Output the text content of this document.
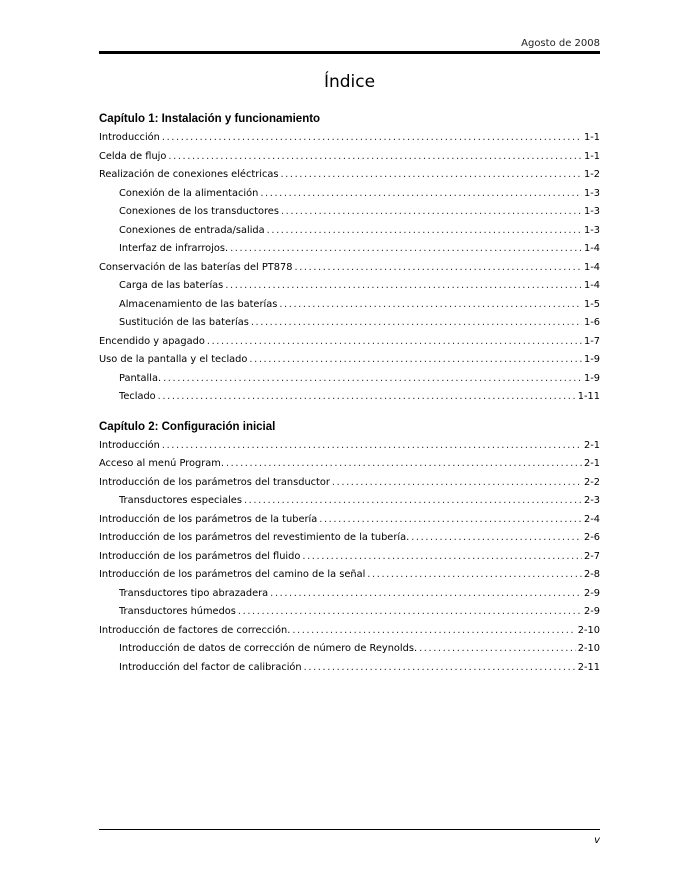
Agosto de 2008
Índice
Capítulo 1: Instalación y funcionamiento
Introducción .....	1-1
Celda de flujo .....	1-1
Realización de conexiones eléctricas .....	1-2
Conexión de la alimentación .....	1-3
Conexiones de los transductores .....	1-3
Conexiones de entrada/salida .....	1-3
Interfaz de infrarrojos. .....	1-4
Conservación de las baterías del PT878 .....	1-4
Carga de las baterías .....	1-4
Almacenamiento de las baterías .....	1-5
Sustitución de las baterías .....	1-6
Encendido y apagado .....	1-7
Uso de la pantalla y el teclado .....	1-9
Pantalla. .....	1-9
Teclado .....	1-11
Capítulo 2: Configuración inicial
Introducción .....	2-1
Acceso al menú Program. .....	2-1
Introducción de los parámetros del transductor .....	2-2
Transductores especiales .....	2-3
Introducción de los parámetros de la tubería .....	2-4
Introducción de los parámetros del revestimiento de la tubería. .....	2-6
Introducción de los parámetros del fluido .....	2-7
Introducción de los parámetros del camino de la señal .....	2-8
Transductores tipo abrazadera .....	2-9
Transductores húmedos .....	2-9
Introducción de factores de corrección. .....	2-10
Introducción de datos de corrección de número de Reynolds. .....	2-10
Introducción del factor de calibración .....	2-11
v
